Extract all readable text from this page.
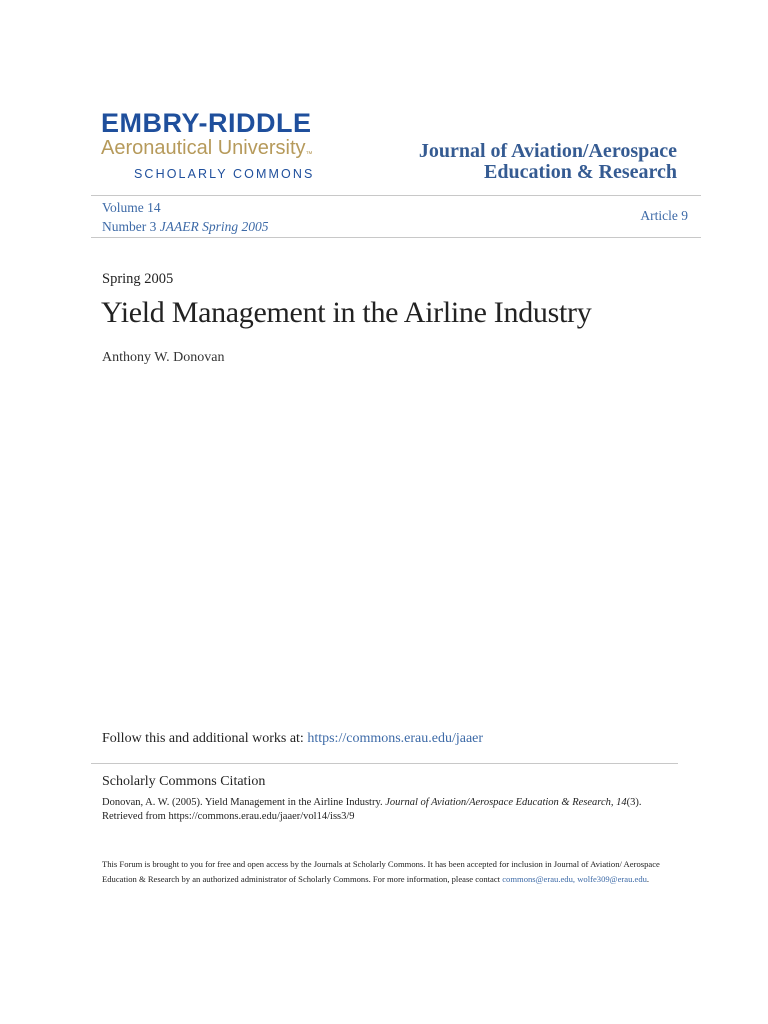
EMBRY-RIDDLE
Aeronautical University™
SCHOLARLY COMMONS
Journal of Aviation/Aerospace
Education & Research
Volume 14
Number 3 JAAER Spring 2005
Article 9
Spring 2005
Yield Management in the Airline Industry
Anthony W. Donovan
Follow this and additional works at: https://commons.erau.edu/jaaer
Scholarly Commons Citation
Donovan, A. W. (2005). Yield Management in the Airline Industry. Journal of Aviation/Aerospace Education & Research, 14(3).
Retrieved from https://commons.erau.edu/jaaer/vol14/iss3/9
This Forum is brought to you for free and open access by the Journals at Scholarly Commons. It has been accepted for inclusion in Journal of Aviation/ Aerospace Education & Research by an authorized administrator of Scholarly Commons. For more information, please contact commons@erau.edu, wolfe309@erau.edu.
